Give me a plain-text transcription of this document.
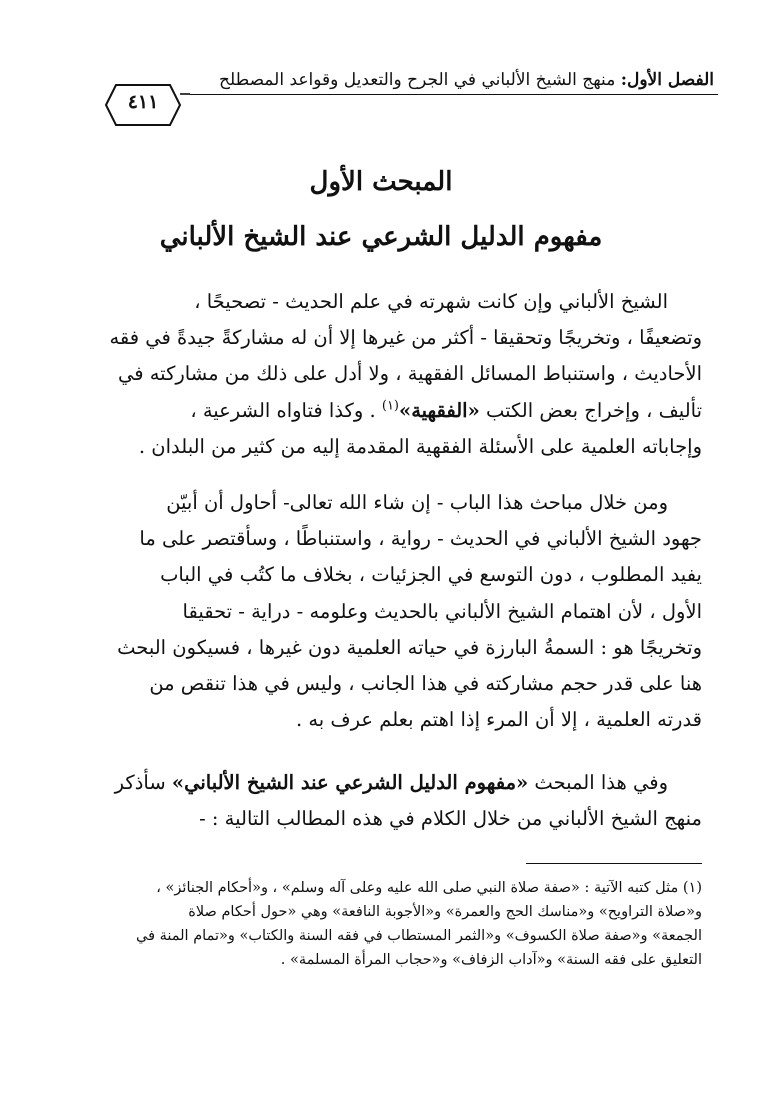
الفصل الأول: منهج الشيخ الألباني في الجرح والتعديل وقواعد المصطلح
٤١١
المبحث الأول
مفهوم الدليل الشرعي عند الشيخ الألباني
الشيخ الألباني وإن كانت شهرته في علم الحديث - تصحيحًا ،
وتضعيفًا ، وتخريجًا وتحقيقا - أكثر من غيرها إلا أن له مشاركةً جيدةً في فقه
الأحاديث ، واستنباط المسائل الفقهية ، ولا أدل على ذلك من مشاركته في
تأليف ، وإخراج بعض الكتب «الفقهية»$^{(١)}$ . وكذا فتاواه الشرعية ،
وإجاباته العلمية على الأسئلة الفقهية المقدمة إليه من كثير من البلدان .
ومن خلال مباحث هذا الباب - إن شاء الله تعالى- أحاول أن أبيّن
جهود الشيخ الألباني في الحديث - رواية ، واستنباطًا ، وسأقتصر على ما
يفيد المطلوب ، دون التوسع في الجزئيات ، بخلاف ما كتُب في الباب
الأول ، لأن اهتمام الشيخ الألباني بالحديث وعلومه - دراية - تحقيقا
وتخريجًا هو : السمةُ البارزة في حياته العلمية دون غيرها ، فسيكون البحث
هنا على قدر حجم مشاركته في هذا الجانب ، وليس في هذا تنقص من
قدرته العلمية ، إلا أن المرء إذا اهتم بعلم عرف به .
وفي هذا المبحث «مفهوم الدليل الشرعي عند الشيخ الألباني» سأذكر
منهج الشيخ الألباني من خلال الكلام في هذه المطالب التالية : -
(١) مثل كتبه الآتية : «صفة صلاة النبي صلى الله عليه وعلى آله وسلم» ، و«أحكام الجنائز» ،
و«صلاة التراويح» و«مناسك الحج والعمرة» و«الأجوبة النافعة» وهي «حول أحكام صلاة
الجمعة» و«صفة صلاة الكسوف» و«الثمر المستطاب في فقه السنة والكتاب» و«تمام المنة في
التعليق على فقه السنة» و«آداب الزفاف» و«حجاب المرأة المسلمة» .
